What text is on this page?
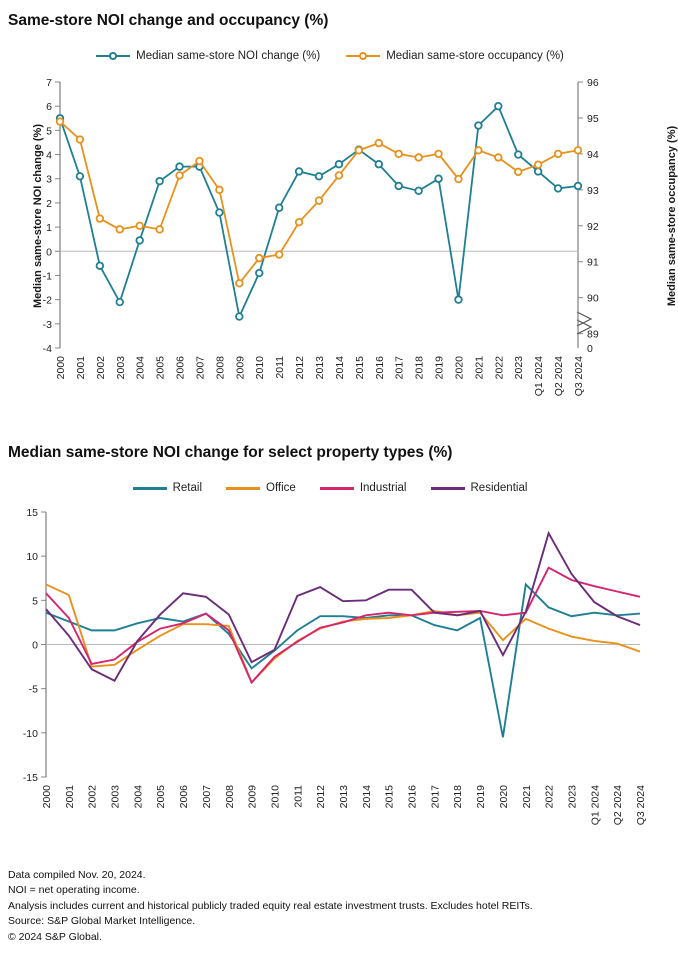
Same-store NOI change and occupancy (%)
Median same-store NOI change (%)	Median same-store occupancy (%)
-4
-3
-2
-1
0
1
2
3
4
5
6
7
89
90
91
92
93
94
95
96
0
2000 2001 2002 2003 2004 2005 2006 2007 2008 2009 2010 2011 2012 2013 2014 2015 2016 2017 2018 2019 2020 2021 2022 2023 Q1 2024 Q2 2024 Q3 2024
Median same-store NOI change (%)	Median same-store occupancy (%)
Median same-store NOI change for select property types (%)
Retail	Office	Industrial	Residential
-15
-10
-5
0
5
10
15
2000 2001 2002 2003 2004 2005 2006 2007 2008 2009 2010 2011 2012 2013 2014 2015 2016 2017 2018 2019 2020 2021 2022 2023 Q1 2024 Q2 2024 Q3 2024
Data compiled Nov. 20, 2024.
NOI = net operating income.
Analysis includes current and historical publicly traded equity real estate investment trusts. Excludes hotel REITs.
Source: S&P Global Market Intelligence.
© 2024 S&P Global.
